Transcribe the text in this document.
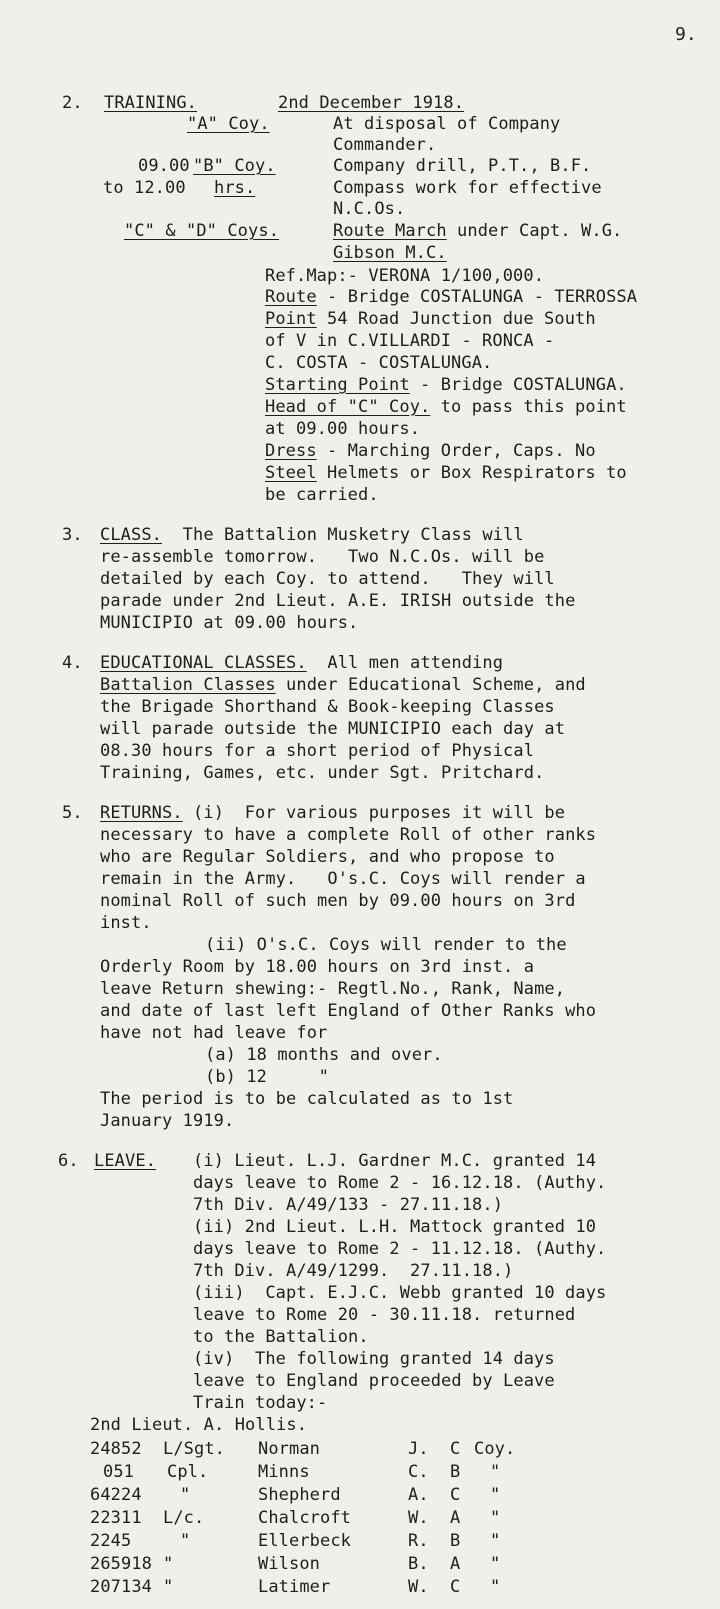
9.
2. TRAINING.	2nd December 1918.
"A" Coy.	At disposal of Company
Commander.
09.00 "B" Coy.	Company drill, P.T., B.F.
to 12.00 hrs.	Compass work for effective
N.C.Os.
"C" & "D" Coys.	Route March under Capt. W.G.
Gibson M.C.
Ref.Map:- VERONA 1/100,000.
Route - Bridge COSTALUNGA - TERROSSA
Point 54 Road Junction due South
of V in C.VILLARDI - RONCA -
C. COSTA - COSTALUNGA.
Starting Point - Bridge COSTALUNGA.
Head of "C" Coy. to pass this point
at 09.00 hours.
Dress - Marching Order, Caps. No
Steel Helmets or Box Respirators to
be carried.
3. CLASS.  The Battalion Musketry Class will
re-assemble tomorrow.   Two N.C.Os. will be
detailed by each Coy. to attend.   They will
parade under 2nd Lieut. A.E. IRISH outside the
MUNICIPIO at 09.00 hours.
4. EDUCATIONAL CLASSES.  All men attending
Battalion Classes under Educational Scheme, and
the Brigade Shorthand & Book-keeping Classes
will parade outside the MUNICIPIO each day at
08.30 hours for a short period of Physical
Training, Games, etc. under Sgt. Pritchard.
5. RETURNS. (i)  For various purposes it will be
necessary to have a complete Roll of other ranks
who are Regular Soldiers, and who propose to
remain in the Army.   O's.C. Coys will render a
nominal Roll of such men by 09.00 hours on 3rd
inst.
(ii) O's.C. Coys will render to the
Orderly Room by 18.00 hours on 3rd inst. a
leave Return shewing:- Regtl.No., Rank, Name,
and date of last left England of Other Ranks who
have not had leave for
(a) 18 months and over.
(b) 12     "
The period is to be calculated as to 1st
January 1919.
6. LEAVE. (i) Lieut. L.J. Gardner M.C. granted 14
days leave to Rome 2 - 16.12.18. (Authy.
7th Div. A/49/133 - 27.11.18.)
(ii) 2nd Lieut. L.H. Mattock granted 10
days leave to Rome 2 - 11.12.18. (Authy.
7th Div. A/49/1299.  27.11.18.)
(iii)  Capt. E.J.C. Webb granted 10 days
leave to Rome 20 - 30.11.18. returned
to the Battalion.
(iv)  The following granted 14 days
leave to England proceeded by Leave
Train today:-
2nd Lieut. A. Hollis.
24852 L/Sgt. Norman	J. C Coy.
051 Cpl.	Minns	C. B "
64224 "	Shepherd	A. C "
22311 L/c.	Chalcroft	W. A "
2245	"	Ellerbeck	R. B "
265918 "	Wilson	B. A "
207134 "	Latimer	W. C "
